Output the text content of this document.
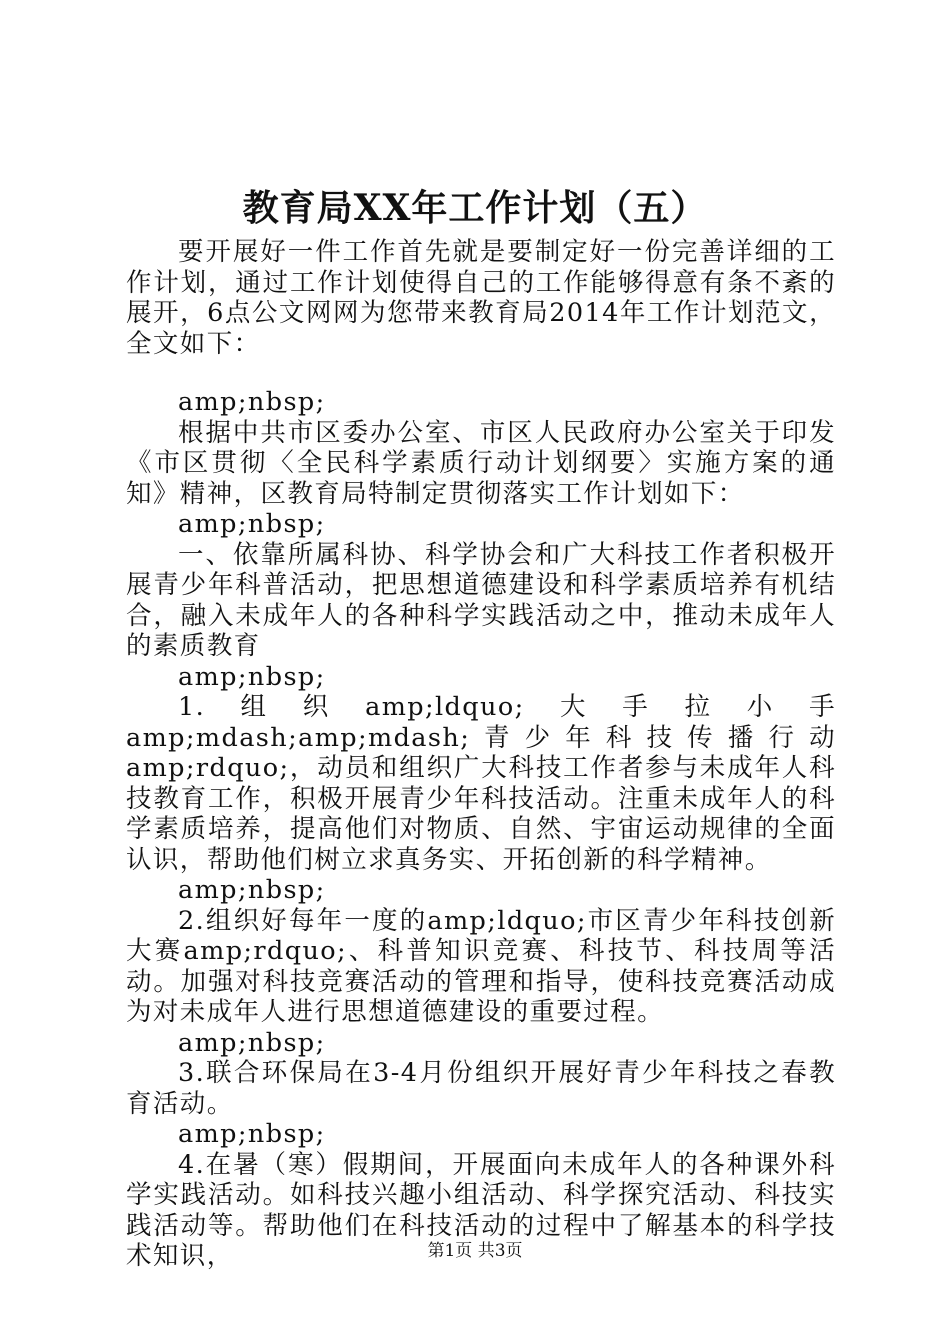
教育局XX年工作计划（五）

要开展好一件工作首先就是要制定好一份完善详细的工作计划，通过工作计划使得自己的工作能够得意有条不紊的展开，6点公文网网为您带来教育局2014年工作计划范文，全文如下：

amp;nbsp;

根据中共市区委办公室、市区人民政府办公室关于印发《市区贯彻〈全民科学素质行动计划纲要〉实施方案的通知》精神，区教育局特制定贯彻落实工作计划如下：

amp;nbsp;

一、依靠所属科协、科学协会和广大科技工作者积极开展青少年科普活动，把思想道德建设和科学素质培养有机结合，融入未成年人的各种科学实践活动之中，推动未成年人的素质教育

amp;nbsp;

1.组织amp;ldquo;大手拉小手amp;mdash;amp;mdash;青少年科技传播行动amp;rdquo;，动员和组织广大科技工作者参与未成年人科技教育工作，积极开展青少年科技活动。注重未成年人的科学素质培养，提高他们对物质、自然、宇宙运动规律的全面认识，帮助他们树立求真务实、开拓创新的科学精神。

amp;nbsp;

2.组织好每年一度的amp;ldquo;市区青少年科技创新大赛amp;rdquo;、科普知识竞赛、科技节、科技周等活动。加强对科技竞赛活动的管理和指导，使科技竞赛活动成为对未成年人进行思想道德建设的重要过程。

amp;nbsp;

3.联合环保局在3-4月份组织开展好青少年科技之春教育活动。

amp;nbsp;

4.在暑（寒）假期间，开展面向未成年人的各种课外科学实践活动。如科技兴趣小组活动、科学探究活动、科技实践活动等。帮助他们在科技活动的过程中了解基本的科学技术知识，	第1页 共3页
